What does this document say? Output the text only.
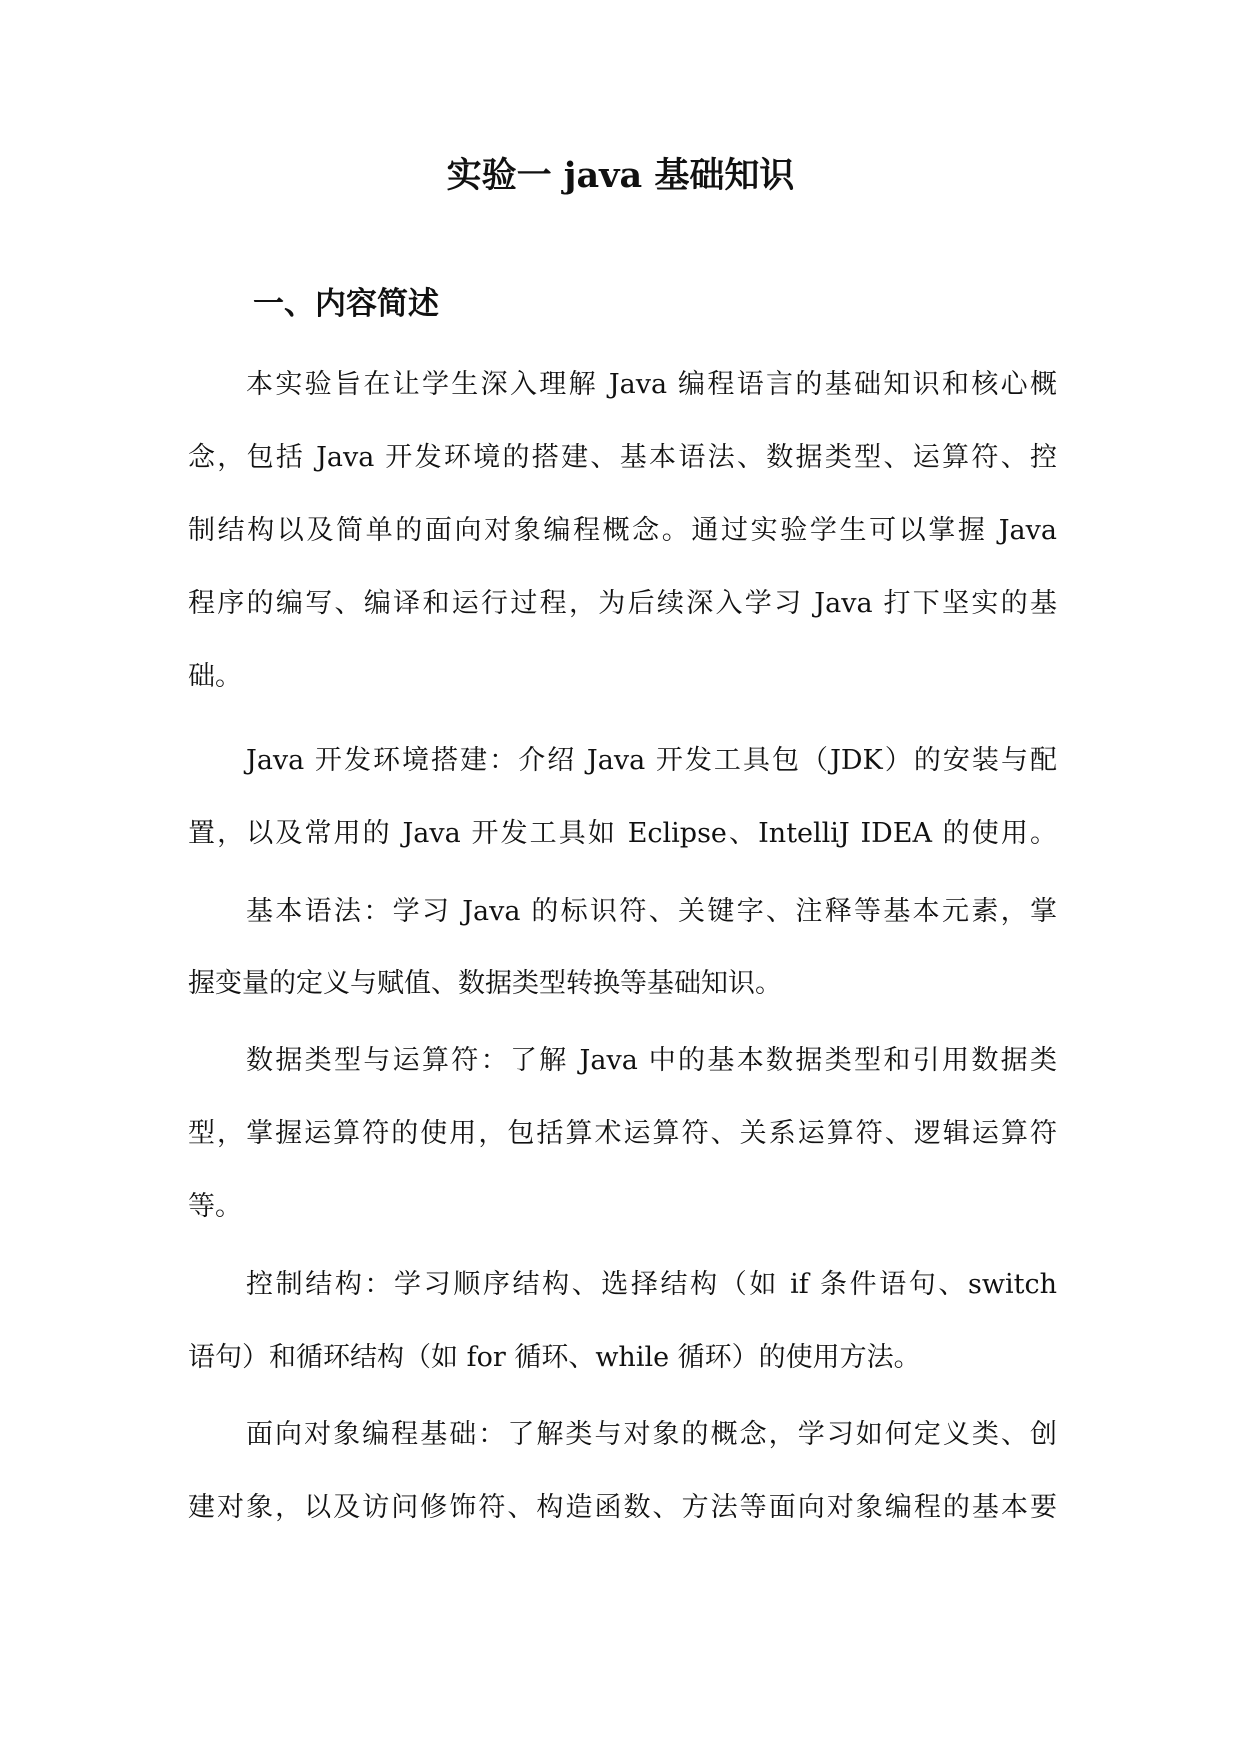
实验一 java 基础知识
一、内容简述
本实验旨在让学生深入理解 Java 编程语言的基础知识和核心概
念，包括 Java 开发环境的搭建、基本语法、数据类型、运算符、控
制结构以及简单的面向对象编程概念。通过实验学生可以掌握 Java
程序的编写、编译和运行过程，为后续深入学习 Java 打下坚实的基
础。
Java 开发环境搭建：介绍 Java 开发工具包（JDK）的安装与配
置，以及常用的 Java 开发工具如 Eclipse、IntelliJ IDEA 的使用。
基本语法：学习 Java 的标识符、关键字、注释等基本元素，掌
握变量的定义与赋值、数据类型转换等基础知识。
数据类型与运算符：了解 Java 中的基本数据类型和引用数据类
型，掌握运算符的使用，包括算术运算符、关系运算符、逻辑运算符
等。
控制结构：学习顺序结构、选择结构（如 if 条件语句、switch
语句）和循环结构（如 for 循环、while 循环）的使用方法。
面向对象编程基础：了解类与对象的概念，学习如何定义类、创
建对象，以及访问修饰符、构造函数、方法等面向对象编程的基本要
